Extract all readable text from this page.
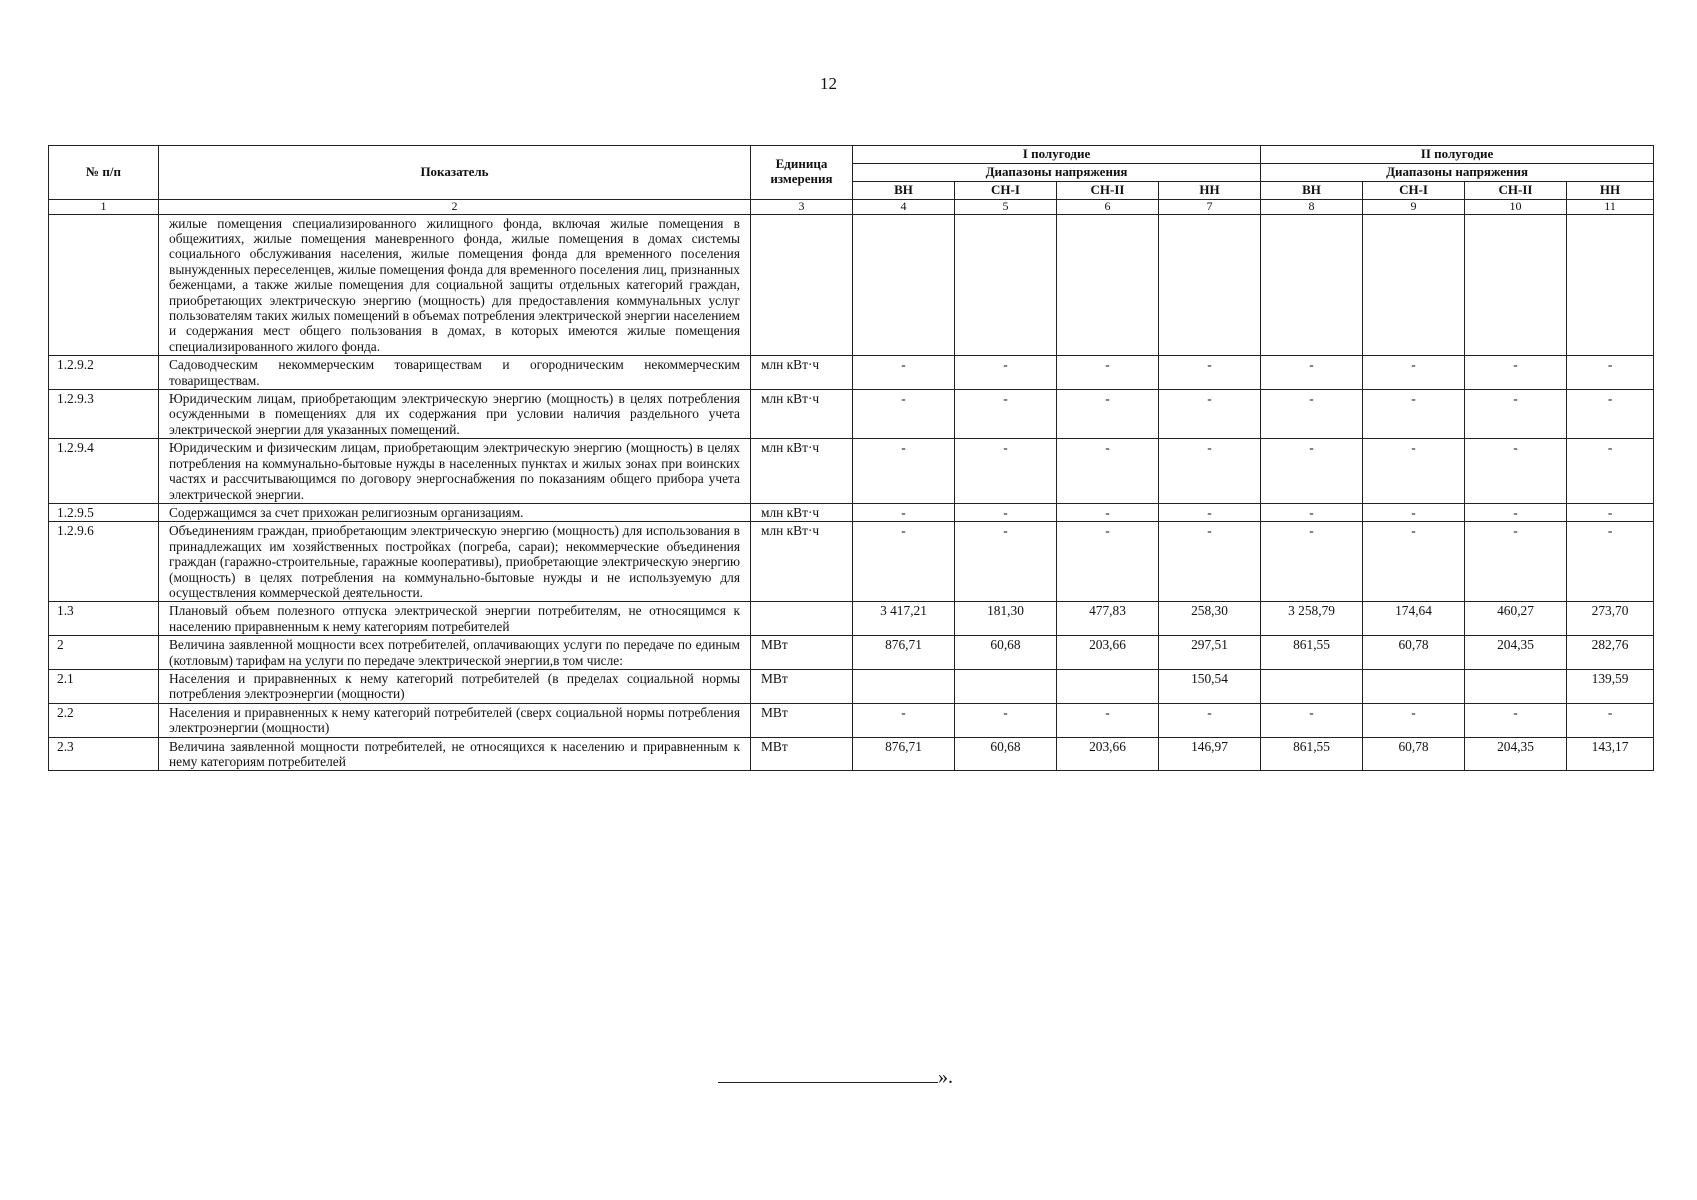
12
№ п/п	Показатель	Единица измерения	I полугодие				II полугодие			
			Диапазоны напряжения				Диапазоны напряжения			
			ВН	СН-I	СН-II	НН	ВН	СН-I	СН-II	НН
1	2	3	4	5	6	7	8	9	10	11
	жилые помещения специализированного жилищного фонда, включая жилые помещения в общежитиях, жилые помещения маневренного фонда, жилые помещения в домах системы социального обслуживания населения, жилые помещения фонда для временного поселения вынужденных переселенцев, жилые помещения фонда для временного поселения лиц, признанных беженцами, а также жилые помещения для социальной защиты отдельных категорий граждан, приобретающих электрическую энергию (мощность) для предоставления коммунальных услуг пользователям таких жилых помещений в объемах потребления электрической энергии населением и содержания мест общего пользования в домах, в которых имеются жилые помещения специализированного жилого фонда.									
1.2.9.2	Садоводческим некоммерческим товариществам и огородническим некоммерческим товариществам.	млн кВт·ч	-	-	-	-	-	-	-	-
1.2.9.3	Юридическим лицам, приобретающим электрическую энергию (мощность) в целях потребления осужденными в помещениях для их содержания при условии наличия раздельного учета электрической энергии для указанных помещений.	млн кВт·ч	-	-	-	-	-	-	-	-
1.2.9.4	Юридическим и физическим лицам, приобретающим электрическую энергию (мощность) в целях потребления на коммунально-бытовые нужды в населенных пунктах и жилых зонах при воинских частях и рассчитывающимся по договору энергоснабжения по показаниям общего прибора учета электрической энергии.	млн кВт·ч	-	-	-	-	-	-	-	-
1.2.9.5	Содержащимся за счет прихожан религиозным организациям.	млн кВт·ч	-	-	-	-	-	-	-	-
1.2.9.6	Объединениям граждан, приобретающим электрическую энергию (мощность) для использования в принадлежащих им хозяйственных постройках (погреба, сараи); некоммерческие объединения граждан (гаражно-строительные, гаражные кооперативы), приобретающие электрическую энергию (мощность) в целях потребления на коммунально-бытовые нужды и не используемую для осуществления коммерческой деятельности.	млн кВт·ч	-	-	-	-	-	-	-	-
1.3	Плановый объем полезного отпуска электрической энергии потребителям, не относящимся к населению приравненным к нему категориям потребителей		3 417,21	181,30	477,83	258,30	3 258,79	174,64	460,27	273,70
2	Величина заявленной мощности всех потребителей, оплачивающих услуги по передаче по единым (котловым) тарифам на услуги по передаче электрической энергии,в том числе:	МВт	876,71	60,68	203,66	297,51	861,55	60,78	204,35	282,76
2.1	Населения и приравненных к нему категорий потребителей (в пределах социальной нормы потребления электроэнергии (мощности)	МВт				150,54				139,59
2.2	Населения и приравненных к нему категорий потребителей (сверх социальной нормы потребления электроэнергии (мощности)	МВт	-	-	-	-	-	-	-	-
2.3	Величина заявленной мощности потребителей, не относящихся к населению и приравненным к нему категориям потребителей	МВт	876,71	60,68	203,66	146,97	861,55	60,78	204,35	143,17
».
